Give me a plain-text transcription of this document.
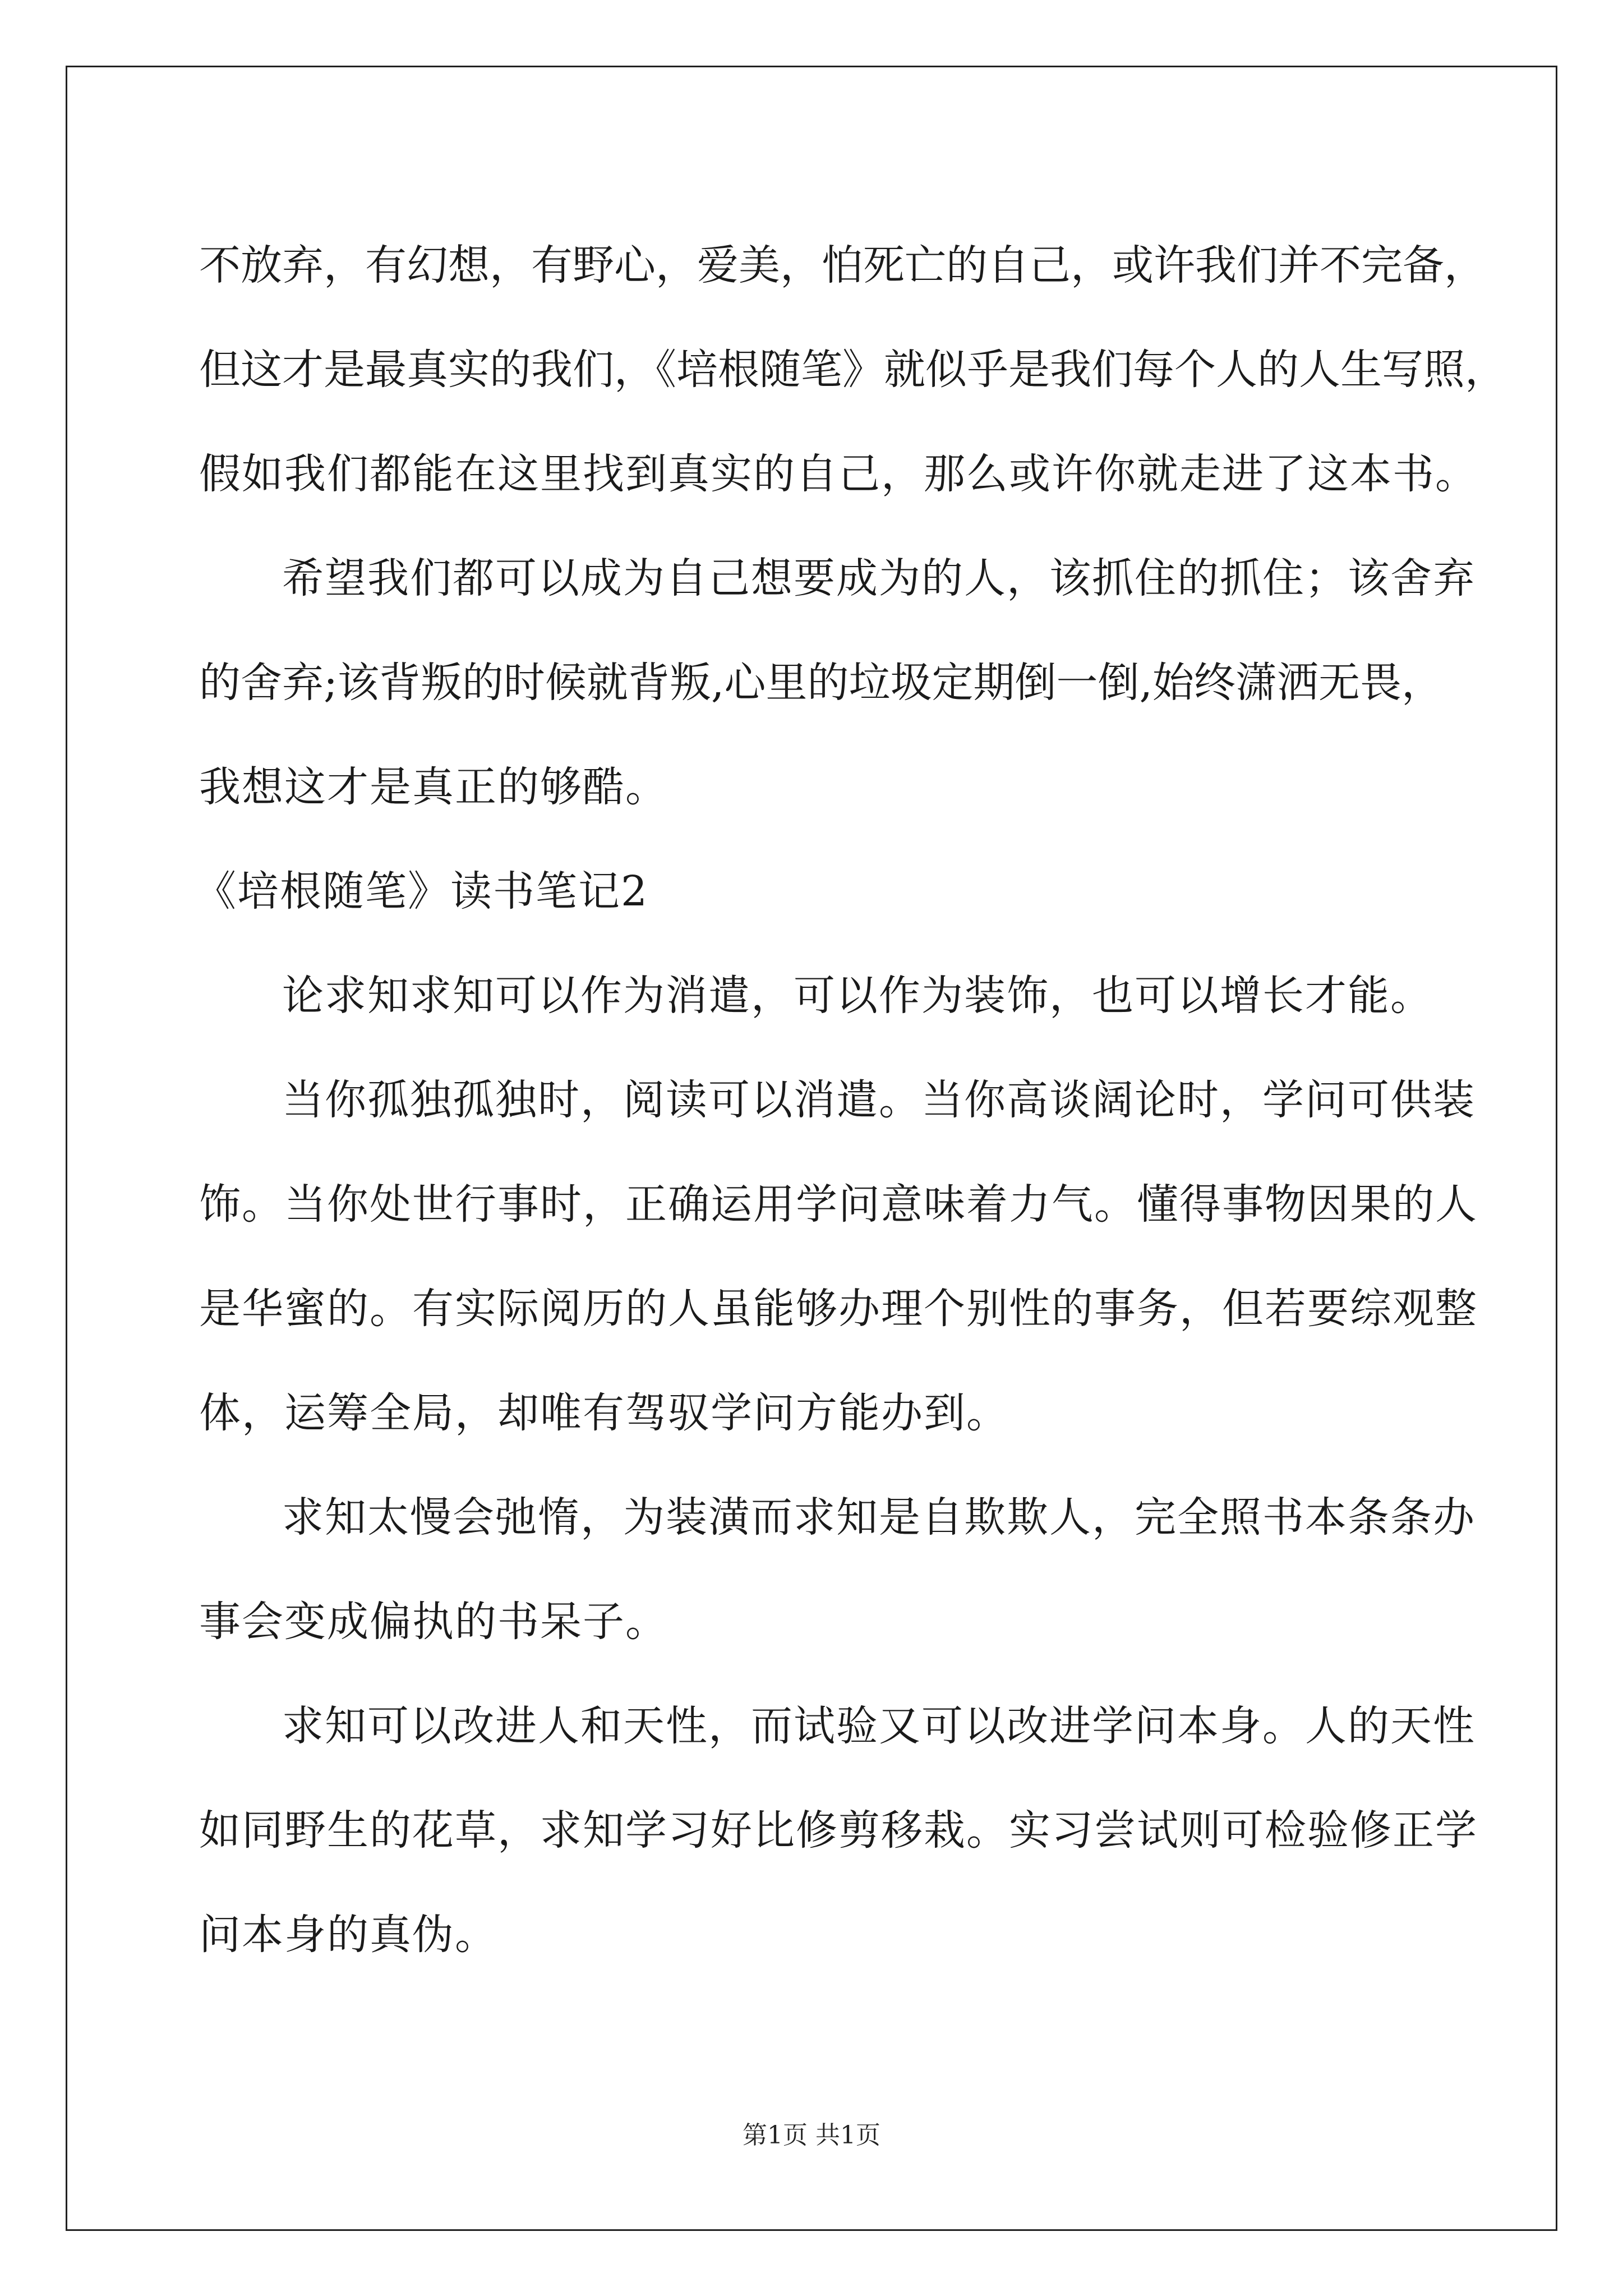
不放弃，有幻想，有野心，爱美，怕死亡的自己，或许我们并不完备，
但这才是最真实的我们，《培根随笔》就似乎是我们每个人的人生写照，
假如我们都能在这里找到真实的自己，那么或许你就走进了这本书。
希望我们都可以成为自己想要成为的人，该抓住的抓住；该舍弃
的舍弃;该背叛的时候就背叛,心里的垃圾定期倒一倒,始终潇洒无畏，
我想这才是真正的够酷。
《培根随笔》读书笔记2
论求知求知可以作为消遣，可以作为装饰，也可以增长才能。
当你孤独孤独时，阅读可以消遣。当你高谈阔论时，学问可供装
饰。当你处世行事时，正确运用学问意味着力气。懂得事物因果的人
是华蜜的。有实际阅历的人虽能够办理个别性的事务，但若要综观整
体，运筹全局，却唯有驾驭学问方能办到。
求知太慢会弛惰，为装潢而求知是自欺欺人，完全照书本条条办
事会变成偏执的书呆子。
求知可以改进人和天性，而试验又可以改进学问本身。人的天性
如同野生的花草，求知学习好比修剪移栽。实习尝试则可检验修正学
问本身的真伪。
第1页 共1页
